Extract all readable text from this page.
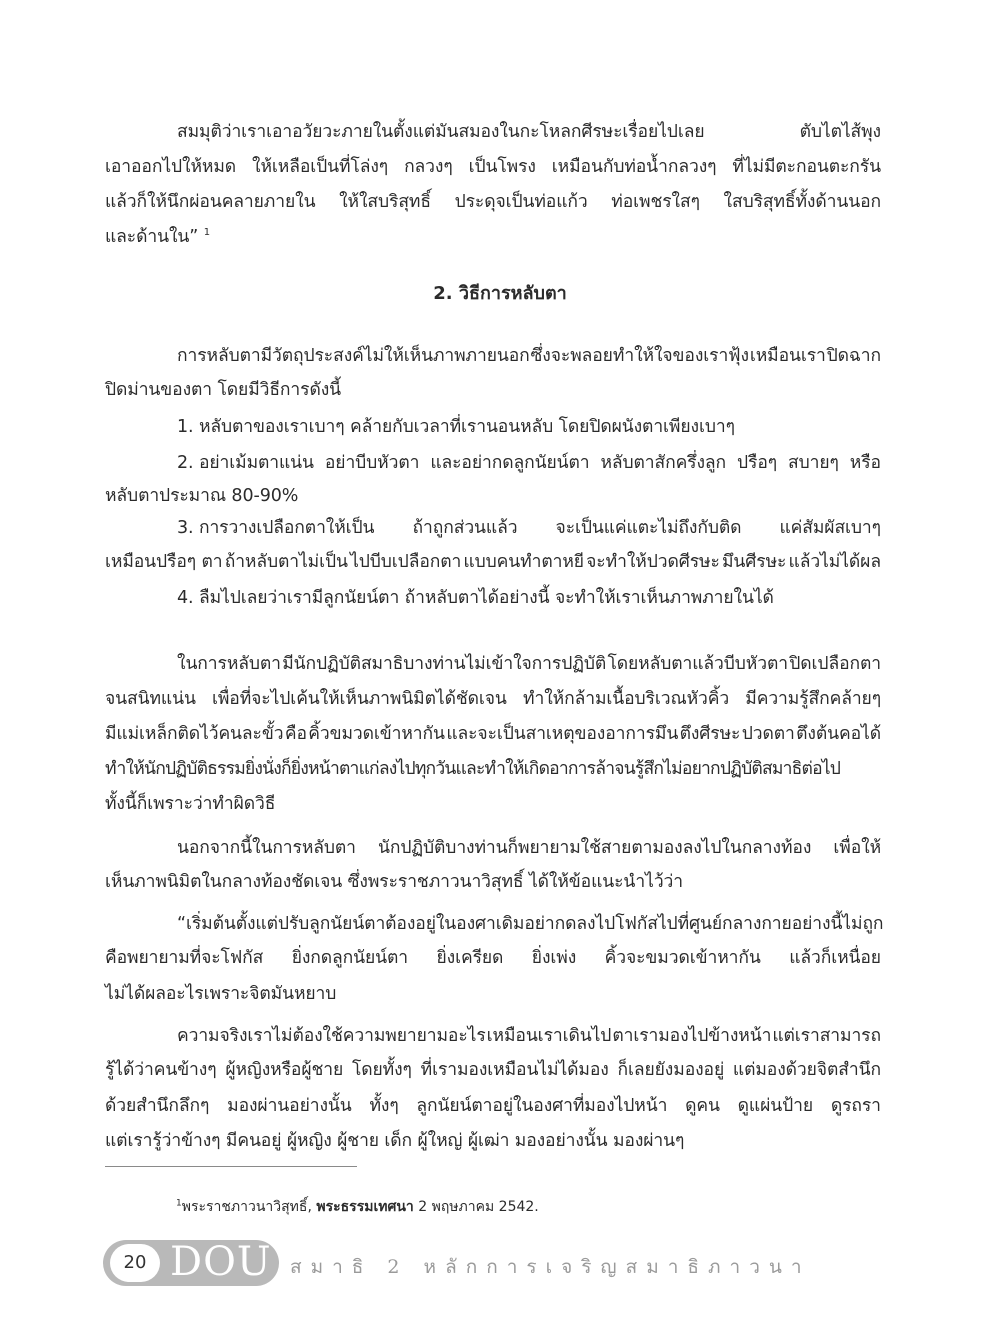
สมมุติว่าเราเอาอวัยวะภายในตั้งแต่มันสมองในกะโหลกศีรษะเรื่อยไปเลย	ตับไตไส้พุง
เอาออกไปให้หมด ให้เหลือเป็นที่โล่งๆ กลวงๆ เป็นโพรง เหมือนกับท่อน้ำกลวงๆ ที่ไม่มีตะกอนตะกรัน
แล้วก็ให้นึกผ่อนคลายภายใน ให้ใสบริสุทธิ์ ประดุจเป็นท่อแก้ว ท่อเพชรใสๆ ใสบริสุทธิ์ทั้งด้านนอก
และด้านใน” $^1$
2. วิธีการหลับตา
การหลับตามีวัตถุประสงค์ไม่ให้เห็นภาพภายนอก ซึ่งจะพลอยทำให้ใจของเราฟุ้ง เหมือนเรา ปิดฉาก
ปิดม่านของตา โดยมีวิธีการดังนี้
1. หลับตาของเราเบาๆ คล้ายกับเวลาที่เรานอนหลับ โดยปิดผนังตาเพียงเบาๆ
2. อย่าเม้มตาแน่น อย่าบีบหัวตา และอย่ากดลูกนัยน์ตา หลับตาสักครึ่งลูก ปรือๆ สบายๆ หรือ
หลับตาประมาณ 80-90%
3. การวางเปลือกตาให้เป็น ถ้าถูกส่วนแล้ว จะเป็นแค่แตะไม่ถึงกับติด แค่สัมผัสเบาๆ
เหมือนปรือๆ ตา ถ้าหลับตาไม่เป็น ไปบีบเปลือกตา แบบคนทำตาหยี จะทำให้ปวดศีรษะ มึนศีรษะ แล้วไม่ได้ผล
4. ลืมไปเลยว่าเรามีลูกนัยน์ตา ถ้าหลับตาได้อย่างนี้ จะทำให้เราเห็นภาพภายในได้
ในการหลับตา มีนักปฏิบัติสมาธิบางท่านไม่เข้าใจการปฏิบัติ โดยหลับตาแล้วบีบหัวตา ปิดเปลือกตา
จนสนิทแน่น เพื่อที่จะไปเค้นให้เห็นภาพนิมิตได้ชัดเจน ทำให้กล้ามเนื้อบริเวณหัวคิ้ว มีความรู้สึกคล้ายๆ
มีแม่เหล็กติดไว้คนละขั้ว คือ คิ้วขมวดเข้าหากัน และจะเป็นสาเหตุของอาการมึน ตึงศีรษะ ปวดตา ตึงต้นคอได้
ทำให้นักปฏิบัติธรรมยิ่งนั่งก็ยิ่งหน้าตาแก่ลงไปทุกวันและทำให้เกิดอาการล้าจนรู้สึกไม่อยากปฏิบัติสมาธิต่อไป
ทั้งนี้ก็เพราะว่าทำผิดวิธี
นอกจากนี้ในการหลับตา นักปฏิบัติบางท่านก็พยายามใช้สายตามองลงไปในกลางท้อง เพื่อให้
เห็นภาพนิมิตในกลางท้องชัดเจน ซึ่งพระราชภาวนาวิสุทธิ์ ได้ให้ข้อแนะนำไว้ว่า
“เริ่มต้นตั้งแต่ปรับลูกนัยน์ตา ต้องอยู่ในองศาเดิม อย่ากดลงไป โฟกัสไปที่ศูนย์กลางกาย อย่างนี้ไม่ถูก
คือพยายามที่จะโฟกัส ยิ่งกดลูกนัยน์ตา ยิ่งเครียด ยิ่งเพ่ง คิ้วจะขมวดเข้าหากัน แล้วก็เหนื่อย
ไม่ได้ผลอะไรเพราะจิตมันหยาบ
ความจริงเราไม่ต้องใช้ความพยายามอะไร เหมือนเราเดินไป ตาเรามองไปข้างหน้า แต่เราสามารถ
รู้ได้ว่าคนข้างๆ ผู้หญิงหรือผู้ชาย โดยทั้งๆ ที่เรามองเหมือนไม่ได้มอง ก็เลยยังมองอยู่ แต่มองด้วยจิตสำนึก
ด้วยสำนึกลึกๆ มองผ่านอย่างนั้น ทั้งๆ ลูกนัยน์ตาอยู่ในองศาที่มองไปหน้า ดูคน ดูแผ่นป้าย ดูรถรา
แต่เรารู้ว่าข้างๆ มีคนอยู่ ผู้หญิง ผู้ชาย เด็ก ผู้ใหญ่ ผู้เฒ่า มองอย่างนั้น มองผ่านๆ
$^1$พระราชภาวนาวิสุทธิ์, พระธรรมเทศนา 2 พฤษภาคม 2542.
20 DOU สมาธิ 2 หลักการเจริญสมาธิภาวนา
